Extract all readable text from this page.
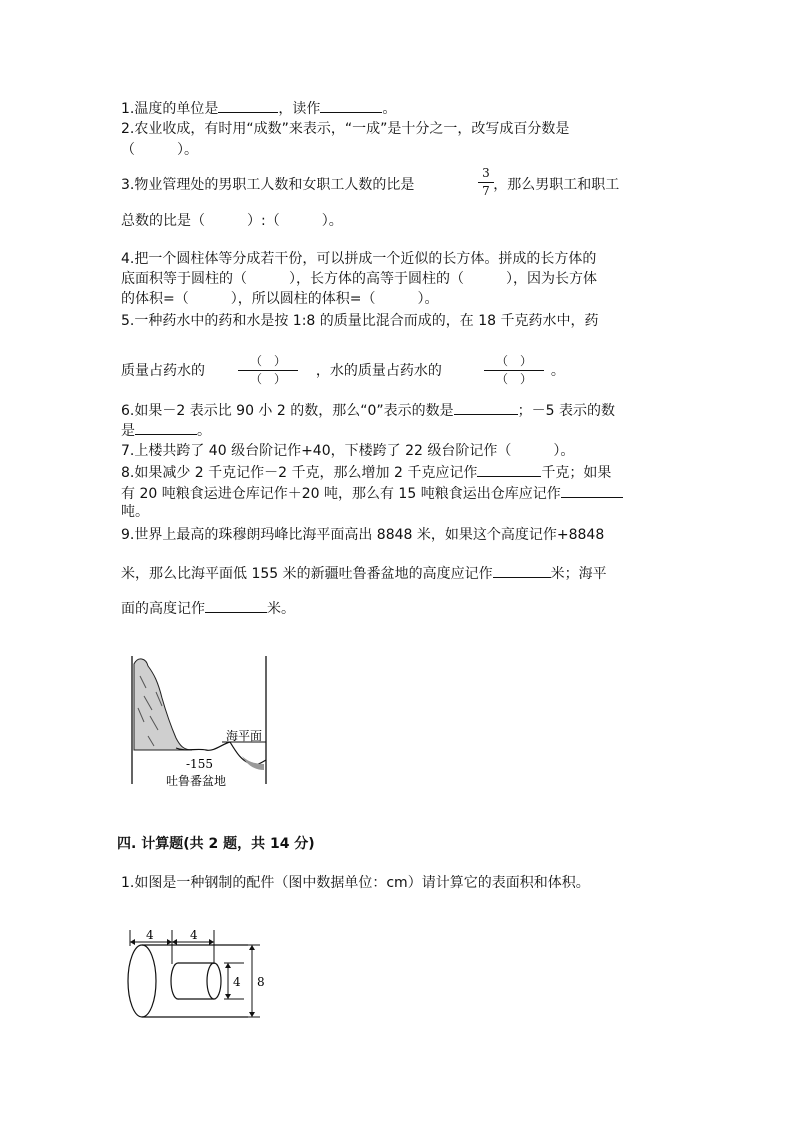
1.温度的单位是	，读作	。
2.农业收成，有时用“成数”来表示，“一成”是十分之一，改写成百分数是
（　　　）。
3.物业管理处的男职工人数和女职工人数的比是	，那么男职工和职工
3
7
总数的比是（　　　）:（　　　）。
4.把一个圆柱体等分成若干份，可以拼成一个近似的长方体。拼成的长方体的
底面积等于圆柱的（　　　），长方体的高等于圆柱的（　　　），因为长方体
的体积=（　　　），所以圆柱的体积=（　　　）。
5.一种药水中的药和水是按 1:8 的质量比混合而成的，在 18 千克药水中，药
质量占药水的	，水的质量占药水的	。
（　）
（　）
（　）
（　）
6.如果－2 表示比 90 小 2 的数，那么“0”表示的数是	；－5 表示的数
是	。
7.上楼共跨了 40 级台阶记作+40，下楼跨了 22 级台阶记作（　　　）。
8.如果减少 2 千克记作－2 千克，那么增加 2 千克应记作	千克；如果
有 20 吨粮食运进仓库记作＋20 吨，那么有 15 吨粮食运出仓库应记作
吨。
9.世界上最高的珠穆朗玛峰比海平面高出 8848 米，如果这个高度记作+8848
米，那么比海平面低 155 米的新疆吐鲁番盆地的高度应记作	米；海平
面的高度记作	米。
海平面
-155
吐鲁番盆地
四. 计算题(共 2 题，共 14 分)
1.如图是一种钢制的配件（图中数据单位：cm）请计算它的表面积和体积。
4	4
4 8
